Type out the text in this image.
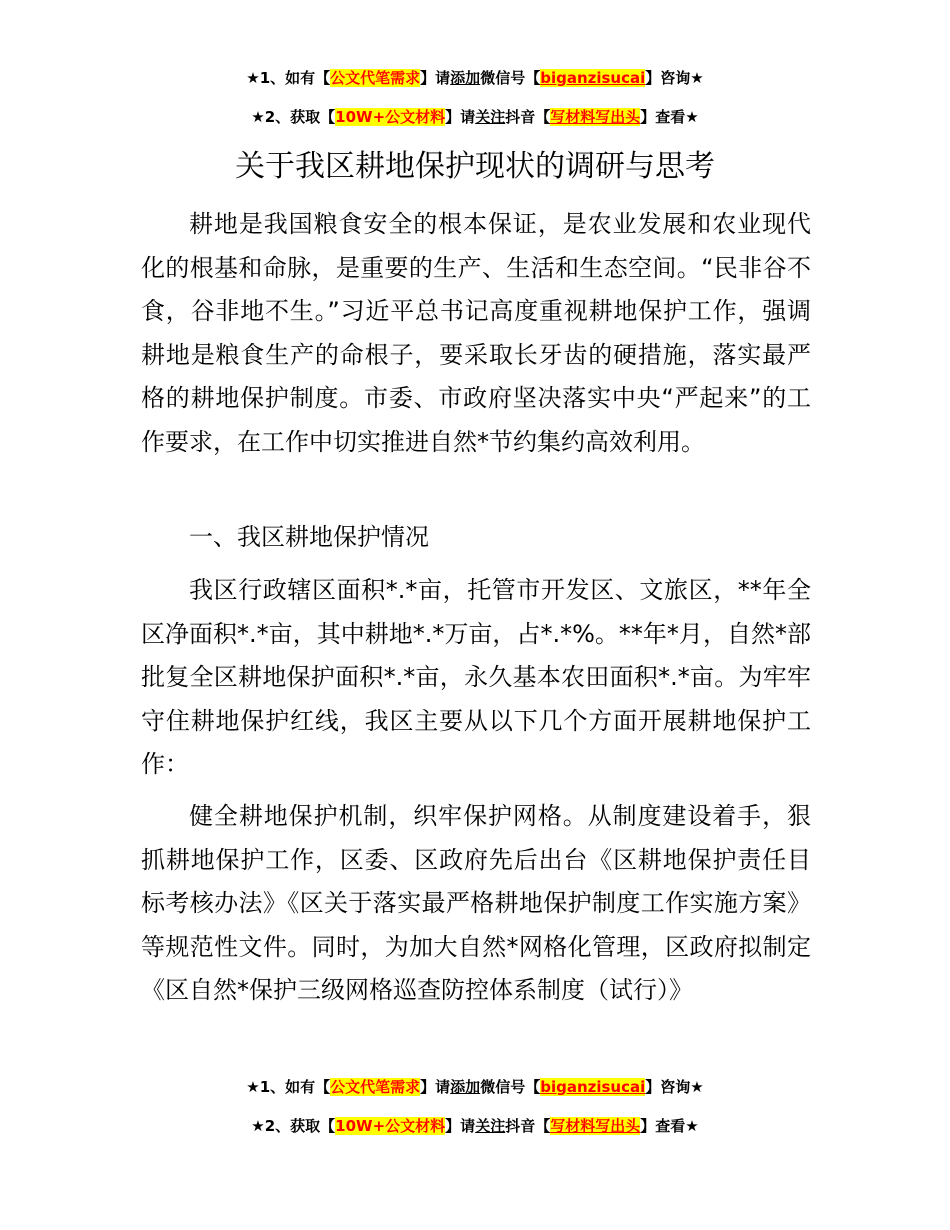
★1、如有【公文代笔需求】请添加微信号【biganzisucai】咨询★
★2、获取【10W+公文材料】请关注抖音【写材料写出头】查看★
关于我区耕地保护现状的调研与思考

耕地是我国粮食安全的根本保证，是农业发展和农业现代化的根基和命脉，是重要的生产、生活和生态空间。“民非谷不食，谷非地不生。”习近平总书记高度重视耕地保护工作，强调耕地是粮食生产的命根子，要采取长牙齿的硬措施，落实最严格的耕地保护制度。市委、市政府坚决落实中央“严起来”的工作要求，在工作中切实推进自然*节约集约高效利用。

一、我区耕地保护情况

我区行政辖区面积*.*亩，托管市开发区、文旅区，**年全区净面积*.*亩，其中耕地*.*万亩，占*.*%。**年*月，自然*部批复全区耕地保护面积*.*亩，永久基本农田面积*.*亩。为牢牢守住耕地保护红线，我区主要从以下几个方面开展耕地保护工作：

健全耕地保护机制，织牢保护网格。从制度建设着手，狠抓耕地保护工作，区委、区政府先后出台《区耕地保护责任目标考核办法》《区关于落实最严格耕地保护制度工作实施方案》等规范性文件。同时，为加大自然*网格化管理，区政府拟制定《区自然*保护三级网格巡查防控体系制度（试行）》

★1、如有【公文代笔需求】请添加微信号【biganzisucai】咨询★
★2、获取【10W+公文材料】请关注抖音【写材料写出头】查看★
